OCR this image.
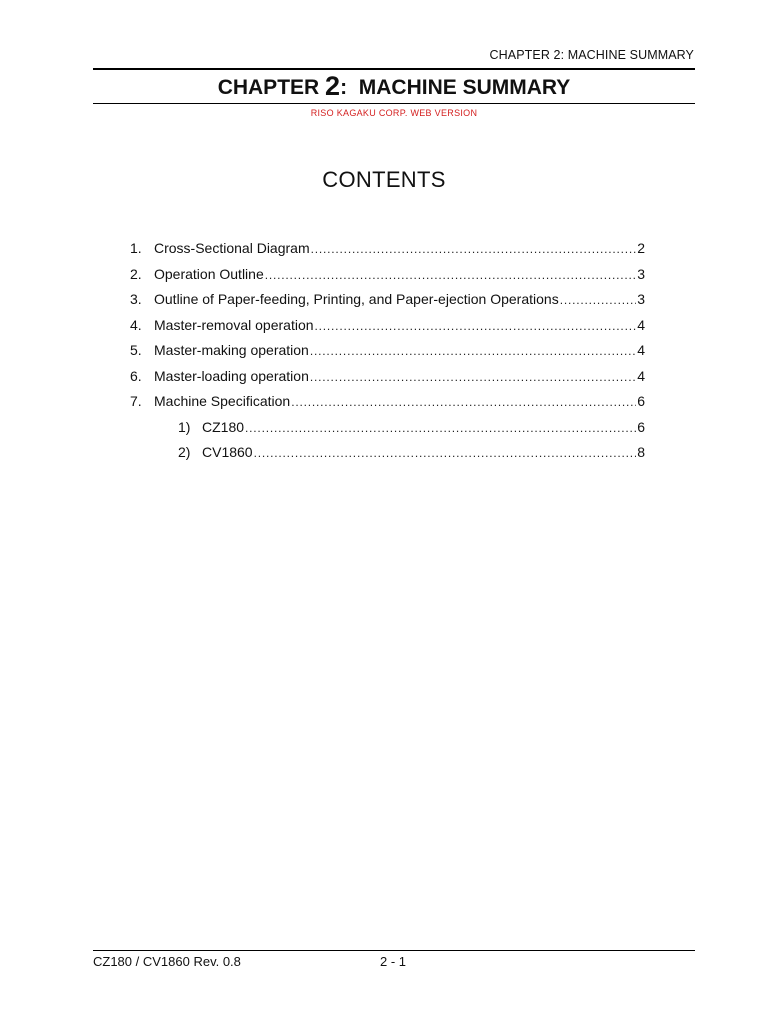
CHAPTER 2: MACHINE SUMMARY
CHAPTER 2: MACHINE SUMMARY
RISO KAGAKU CORP. WEB VERSION
CONTENTS
1. Cross-Sectional Diagram .....	2
2. Operation Outline .....	3
3. Outline of Paper-feeding, Printing, and Paper-ejection Operations .....	3
4. Master-removal operation .....	4
5. Master-making operation .....	4
6. Master-loading operation .....	4
7. Machine Specification .....	6
1) CZ180 .....	6
2) CV1860 .....	8
CZ180 / CV1860 Rev. 0.8	2 - 1
